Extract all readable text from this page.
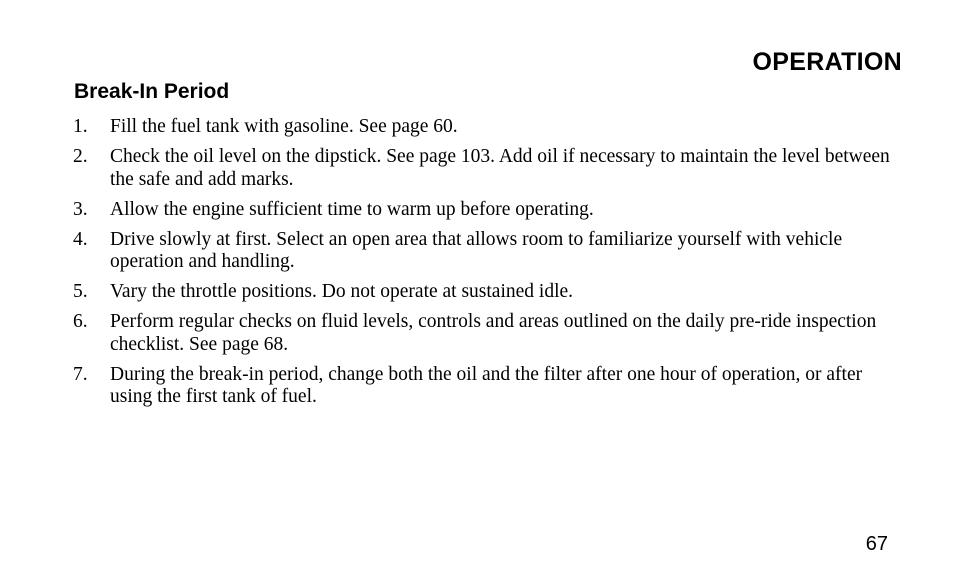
OPERATION
Break-In Period
1. Fill the fuel tank with gasoline. See page 60.
2. Check the oil level on the dipstick. See page 103. Add oil if necessary to maintain the level between the safe and add marks.
3. Allow the engine sufficient time to warm up before operating.
4. Drive slowly at first. Select an open area that allows room to familiarize yourself with vehicle operation and handling.
5. Vary the throttle positions. Do not operate at sustained idle.
6. Perform regular checks on fluid levels, controls and areas outlined on the daily pre-ride inspection checklist. See page 68.
7. During the break-in period, change both the oil and the filter after one hour of operation, or after using the first tank of fuel.
67
